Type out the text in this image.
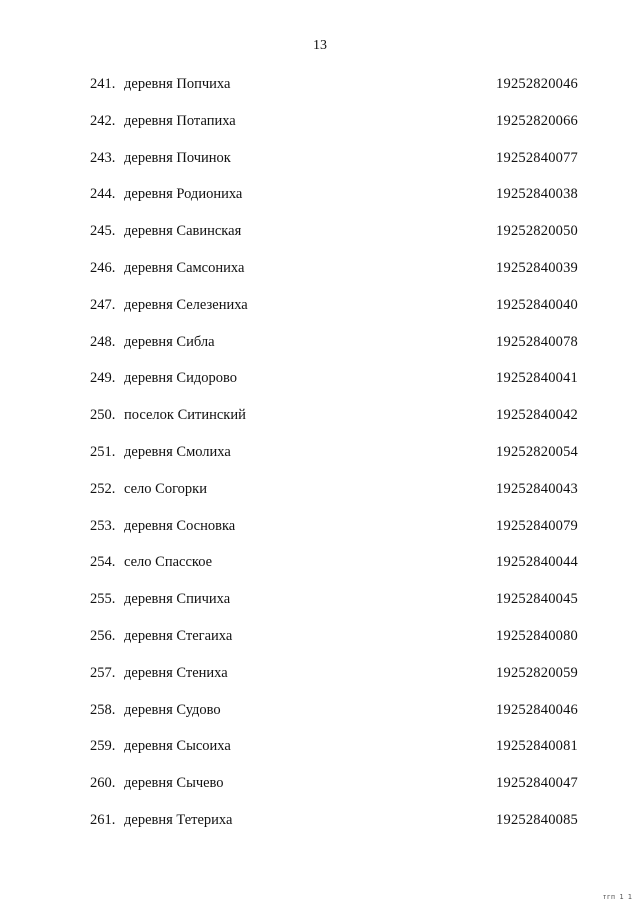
13
241. деревня Попчиха	19252820046
242. деревня Потапиха	19252820066
243. деревня Починок	19252840077
244. деревня Родиониха	19252840038
245. деревня Савинская	19252820050
246. деревня Самсониха	19252840039
247. деревня Селезениха	19252840040
248. деревня Сибла	19252840078
249. деревня Сидорово	19252840041
250. поселок Ситинский	19252840042
251. деревня Смолиха	19252820054
252. село Согорки	19252840043
253. деревня Сосновка	19252840079
254. село Спасское	19252840044
255. деревня Спичиха	19252840045
256. деревня Стегаиха	19252840080
257. деревня Стениха	19252820059
258. деревня Судово	19252840046
259. деревня Сысоиха	19252840081
260. деревня Сычево	19252840047
261. деревня Тетериха	19252840085
тгп 1 1
